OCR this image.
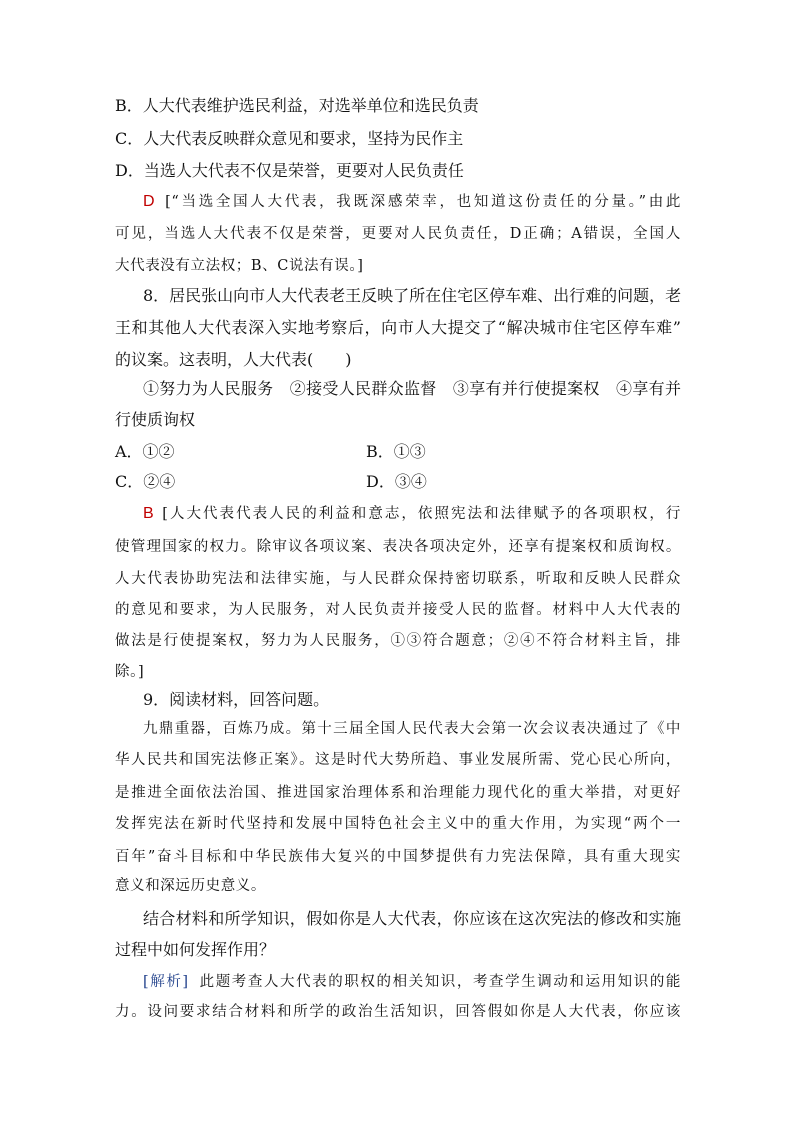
B．人大代表维护选民利益，对选举单位和选民负责
C．人大代表反映群众意见和要求，坚持为民作主
D．当选人大代表不仅是荣誉，更要对人民负责任
D [“当选全国人大代表，我既深感荣幸，也知道这份责任的分量。”由此
可见，当选人大代表不仅是荣誉，更要对人民负责任，D正确；A错误，全国人
大代表没有立法权；B、C说法有误。]
8．居民张山向市人大代表老王反映了所在住宅区停车难、出行难的问题，老
王和其他人大代表深入实地考察后，向市人大提交了“解决城市住宅区停车难”
的议案。这表明，人大代表(　　)
①努力为人民服务　②接受人民群众监督　③享有并行使提案权　④享有并
行使质询权
A．①②	B．①③
C．②④	D．③④
B [人大代表代表人民的利益和意志，依照宪法和法律赋予的各项职权，行
使管理国家的权力。除审议各项议案、表决各项决定外，还享有提案权和质询权。
人大代表协助宪法和法律实施，与人民群众保持密切联系，听取和反映人民群众
的意见和要求，为人民服务，对人民负责并接受人民的监督。材料中人大代表的
做法是行使提案权，努力为人民服务，①③符合题意；②④不符合材料主旨，排
除。]
9．阅读材料，回答问题。
九鼎重器，百炼乃成。第十三届全国人民代表大会第一次会议表决通过了《中
华人民共和国宪法修正案》。这是时代大势所趋、事业发展所需、党心民心所向，
是推进全面依法治国、推进国家治理体系和治理能力现代化的重大举措，对更好
发挥宪法在新时代坚持和发展中国特色社会主义中的重大作用，为实现“两个一
百年”奋斗目标和中华民族伟大复兴的中国梦提供有力宪法保障，具有重大现实
意义和深远历史意义。
结合材料和所学知识，假如你是人大代表，你应该在这次宪法的修改和实施
过程中如何发挥作用？
[解析] 此题考查人大代表的职权的相关知识，考查学生调动和运用知识的能
力。设问要求结合材料和所学的政治生活知识，回答假如你是人大代表，你应该
